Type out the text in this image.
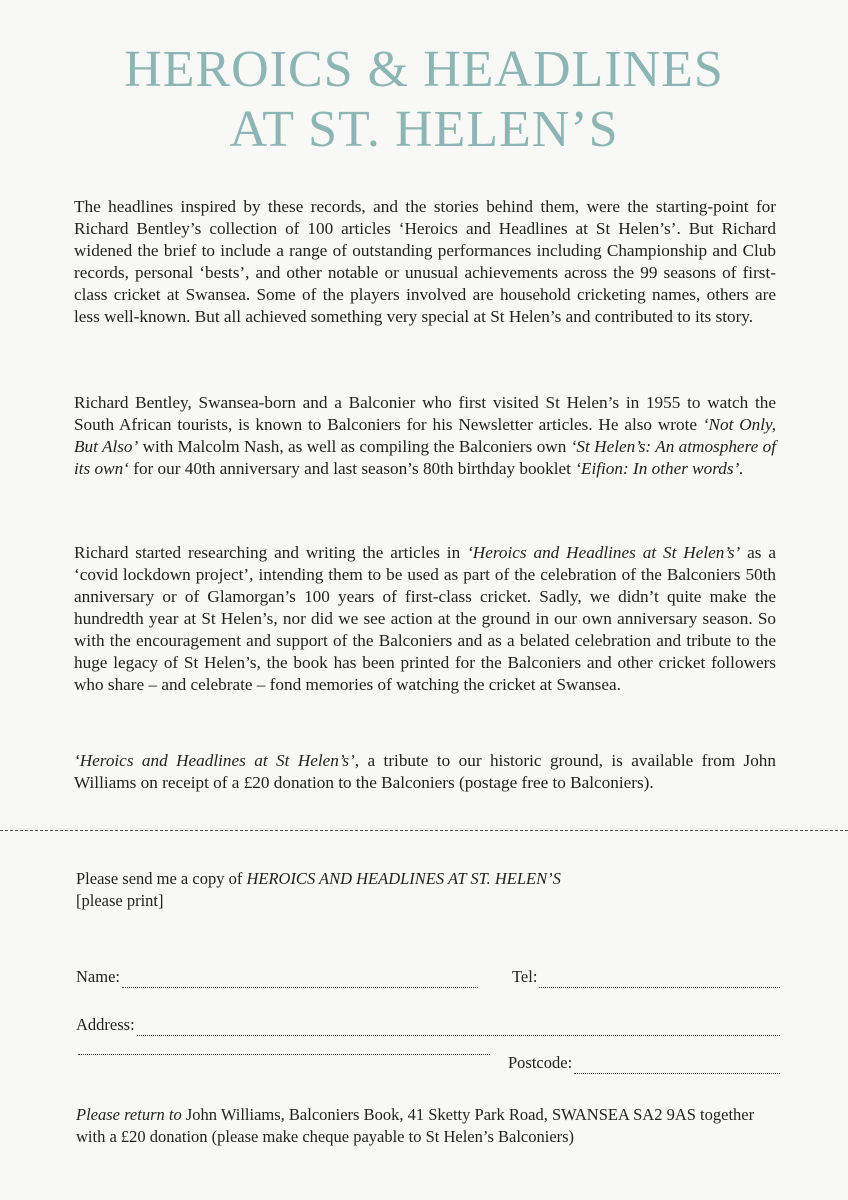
HEROICS & HEADLINES
AT ST. HELEN’S

The headlines inspired by these records, and the stories behind them, were the starting-point for Richard Bentley’s collection of 100 articles ‘Heroics and Headlines at St Helen’s’. But Richard widened the brief to include a range of outstanding performances including Championship and Club records, personal ‘bests’, and other notable or unusual achievements across the 99 seasons of first-class cricket at Swansea. Some of the players involved are household cricketing names, others are less well-known. But all achieved something very special at St Helen’s and contributed to its story.

Richard Bentley, Swansea-born and a Balconier who first visited St Helen’s in 1955 to watch the South African tourists, is known to Balconiers for his Newsletter articles. He also wrote ‘Not Only, But Also’ with Malcolm Nash, as well as compiling the Balconiers own ‘St Helen’s: An atmosphere of its own‘ for our 40th anniversary and last season’s 80th birthday booklet ‘Eifion: In other words’.

Richard started researching and writing the articles in ‘Heroics and Headlines at St Helen’s’ as a ‘covid lockdown project’, intending them to be used as part of the celebration of the Balconiers 50th anniversary or of Glamorgan’s 100 years of first-class cricket. Sadly, we didn’t quite make the hundredth year at St Helen’s, nor did we see action at the ground in our own anniversary season. So with the encouragement and support of the Balconiers and as a belated celebration and tribute to the huge legacy of St Helen’s, the book has been printed for the Balconiers and other cricket followers who share – and celebrate – fond memories of watching the cricket at Swansea.

‘Heroics and Headlines at St Helen’s’, a tribute to our historic ground, is available from John Williams on receipt of a £20 donation to the Balconiers (postage free to Balconiers).

Please send me a copy of HEROICS AND HEADLINES AT ST. HELEN’S
[please print]
Name:	Tel:
Address:
Postcode:
Please return to John Williams, Balconiers Book, 41 Sketty Park Road, SWANSEA SA2 9AS together with a £20 donation (please make cheque payable to St Helen’s Balconiers)
